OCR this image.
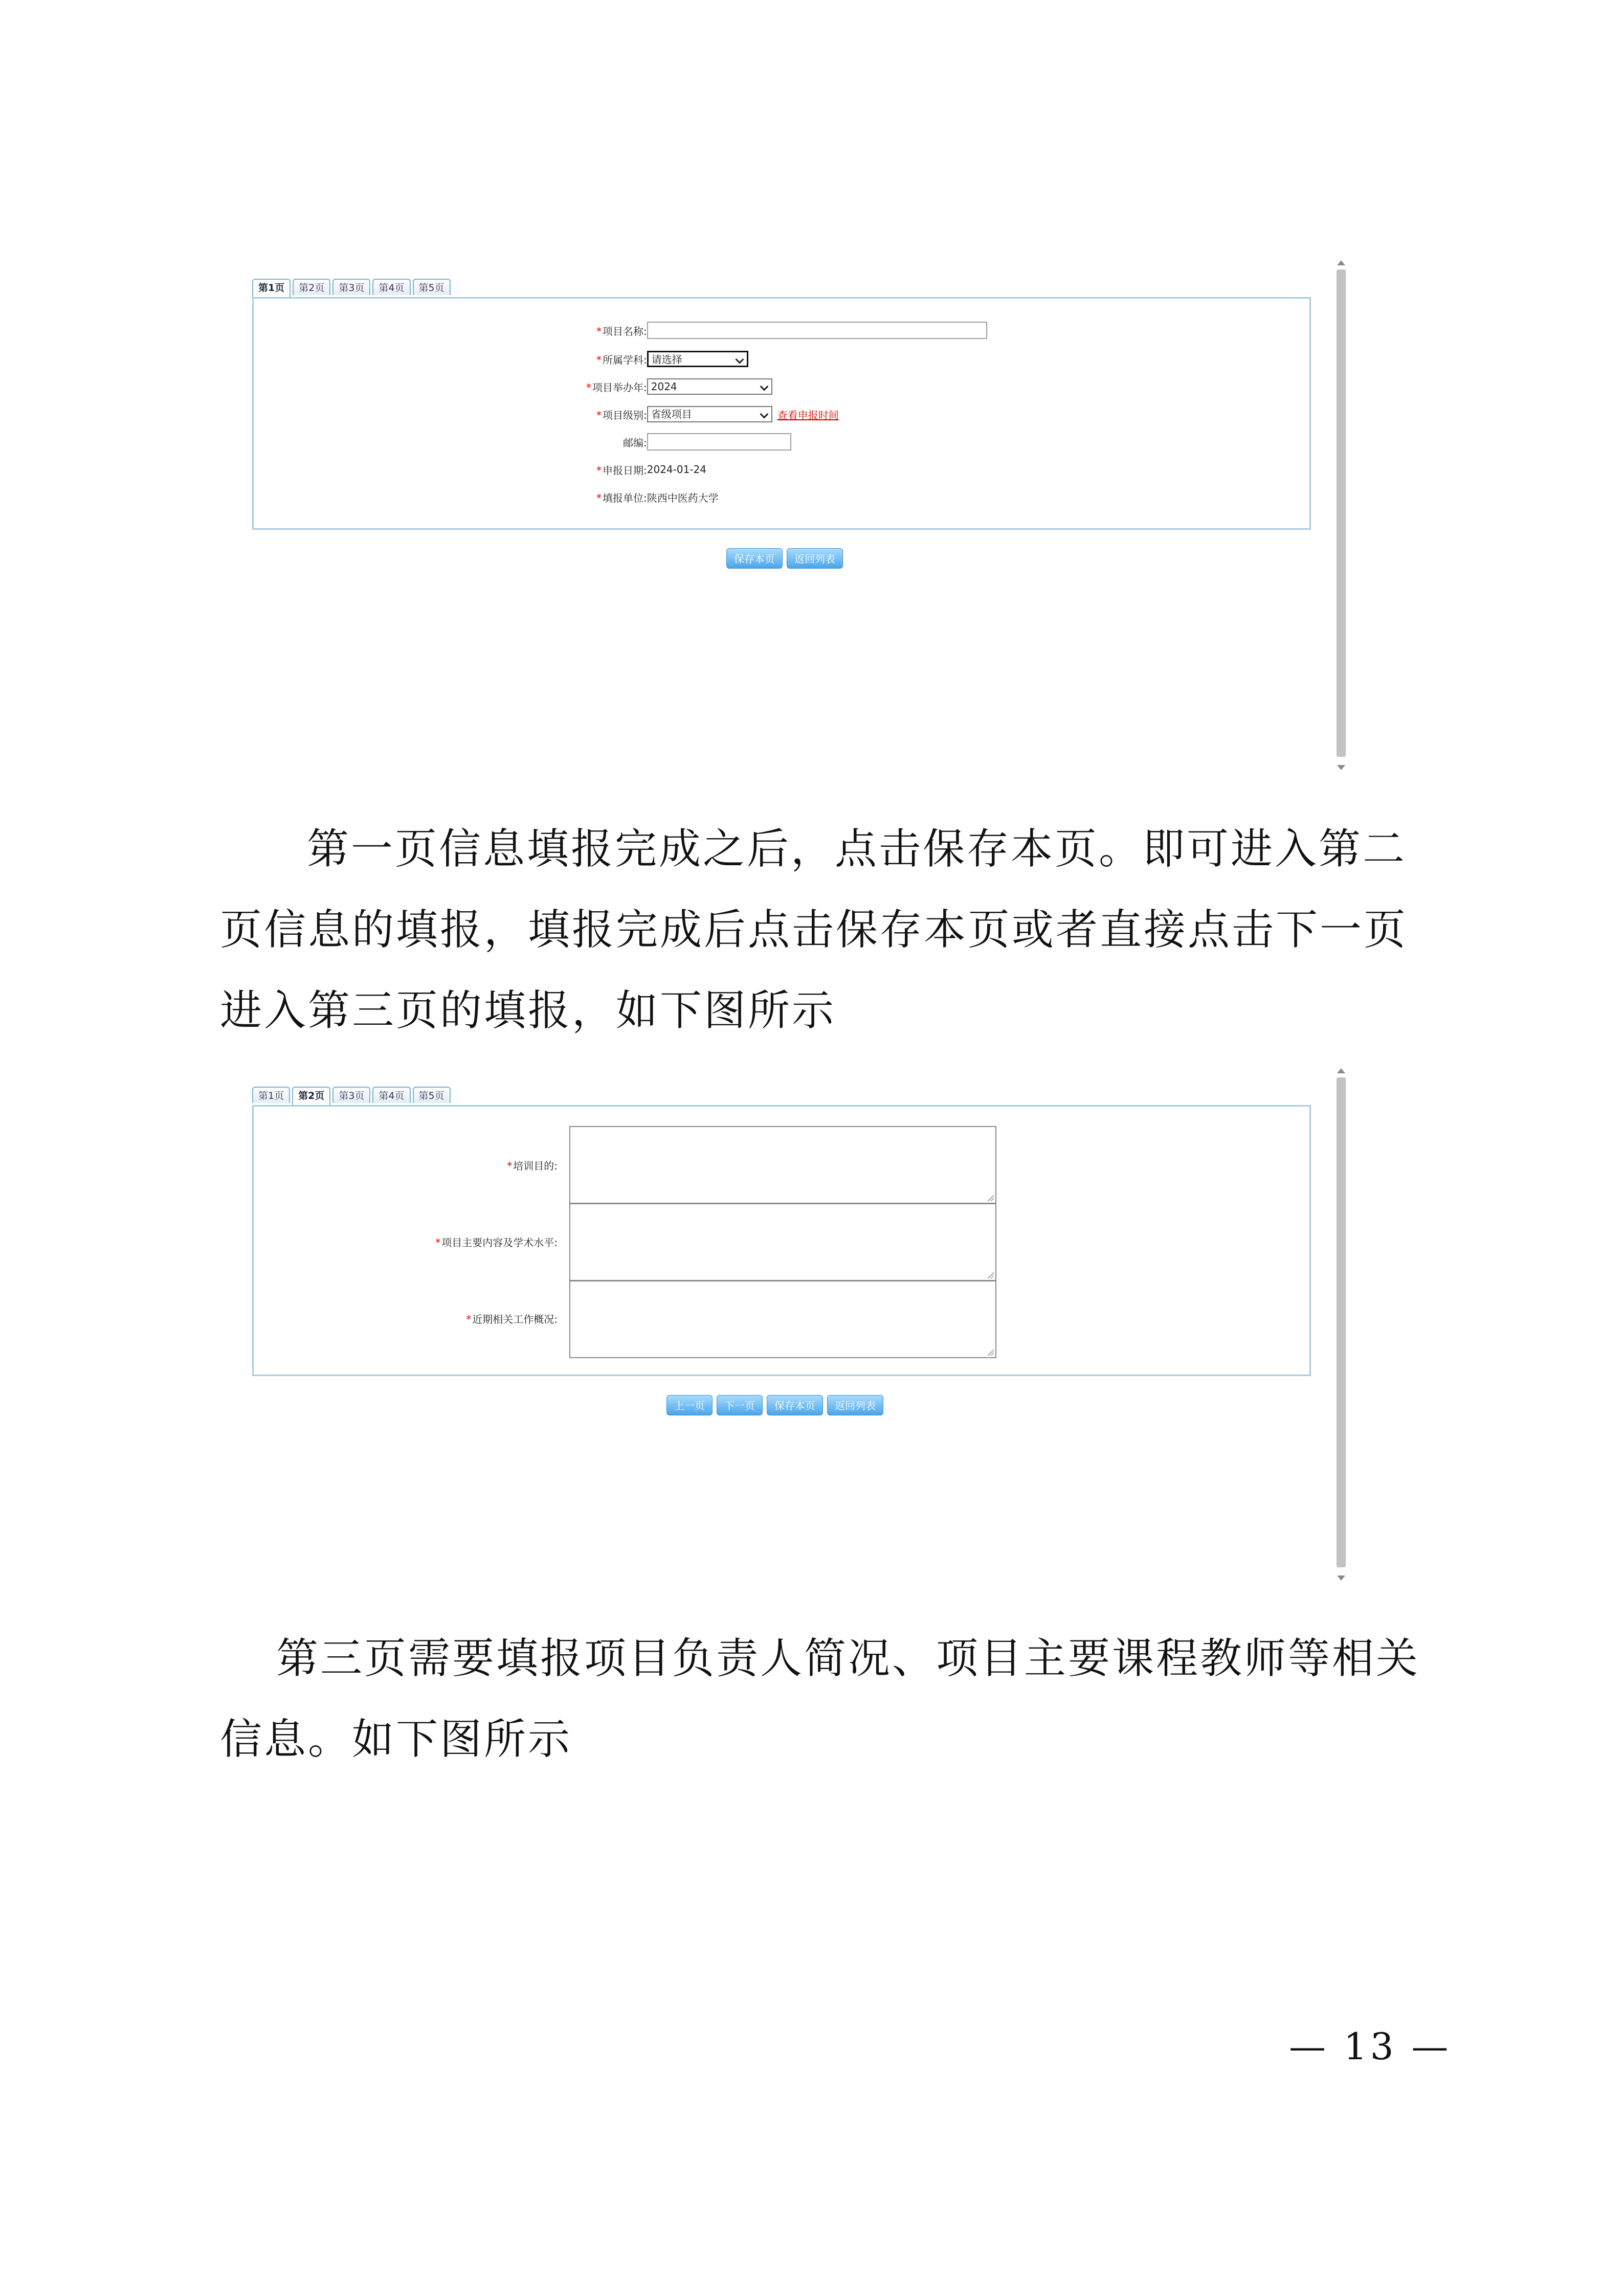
第1页	第2页	第3页	第4页	第5页
* 项目名称:
* 所属学科: 请选择
* 项目举办年: 2024
* 项目级别: 省级项目	查看申报时间
邮编:
* 申报日期: 2024-01-24
* 填报单位: 陕西中医药大学
保存本页	返回列表

第一页信息填报完成之后，点击保存本页。即可进入第二页信息的填报，填报完成后点击保存本页或者直接点击下一页进入第三页的填报，如下图所示

第1页	第2页	第3页	第4页	第5页
* 培训目的:
* 项目主要内容及学术水平:
* 近期相关工作概况:
上一页	下一页	保存本页	返回列表

第三页需要填报项目负责人简况、项目主要课程教师等相关信息。如下图所示

— 13 —
